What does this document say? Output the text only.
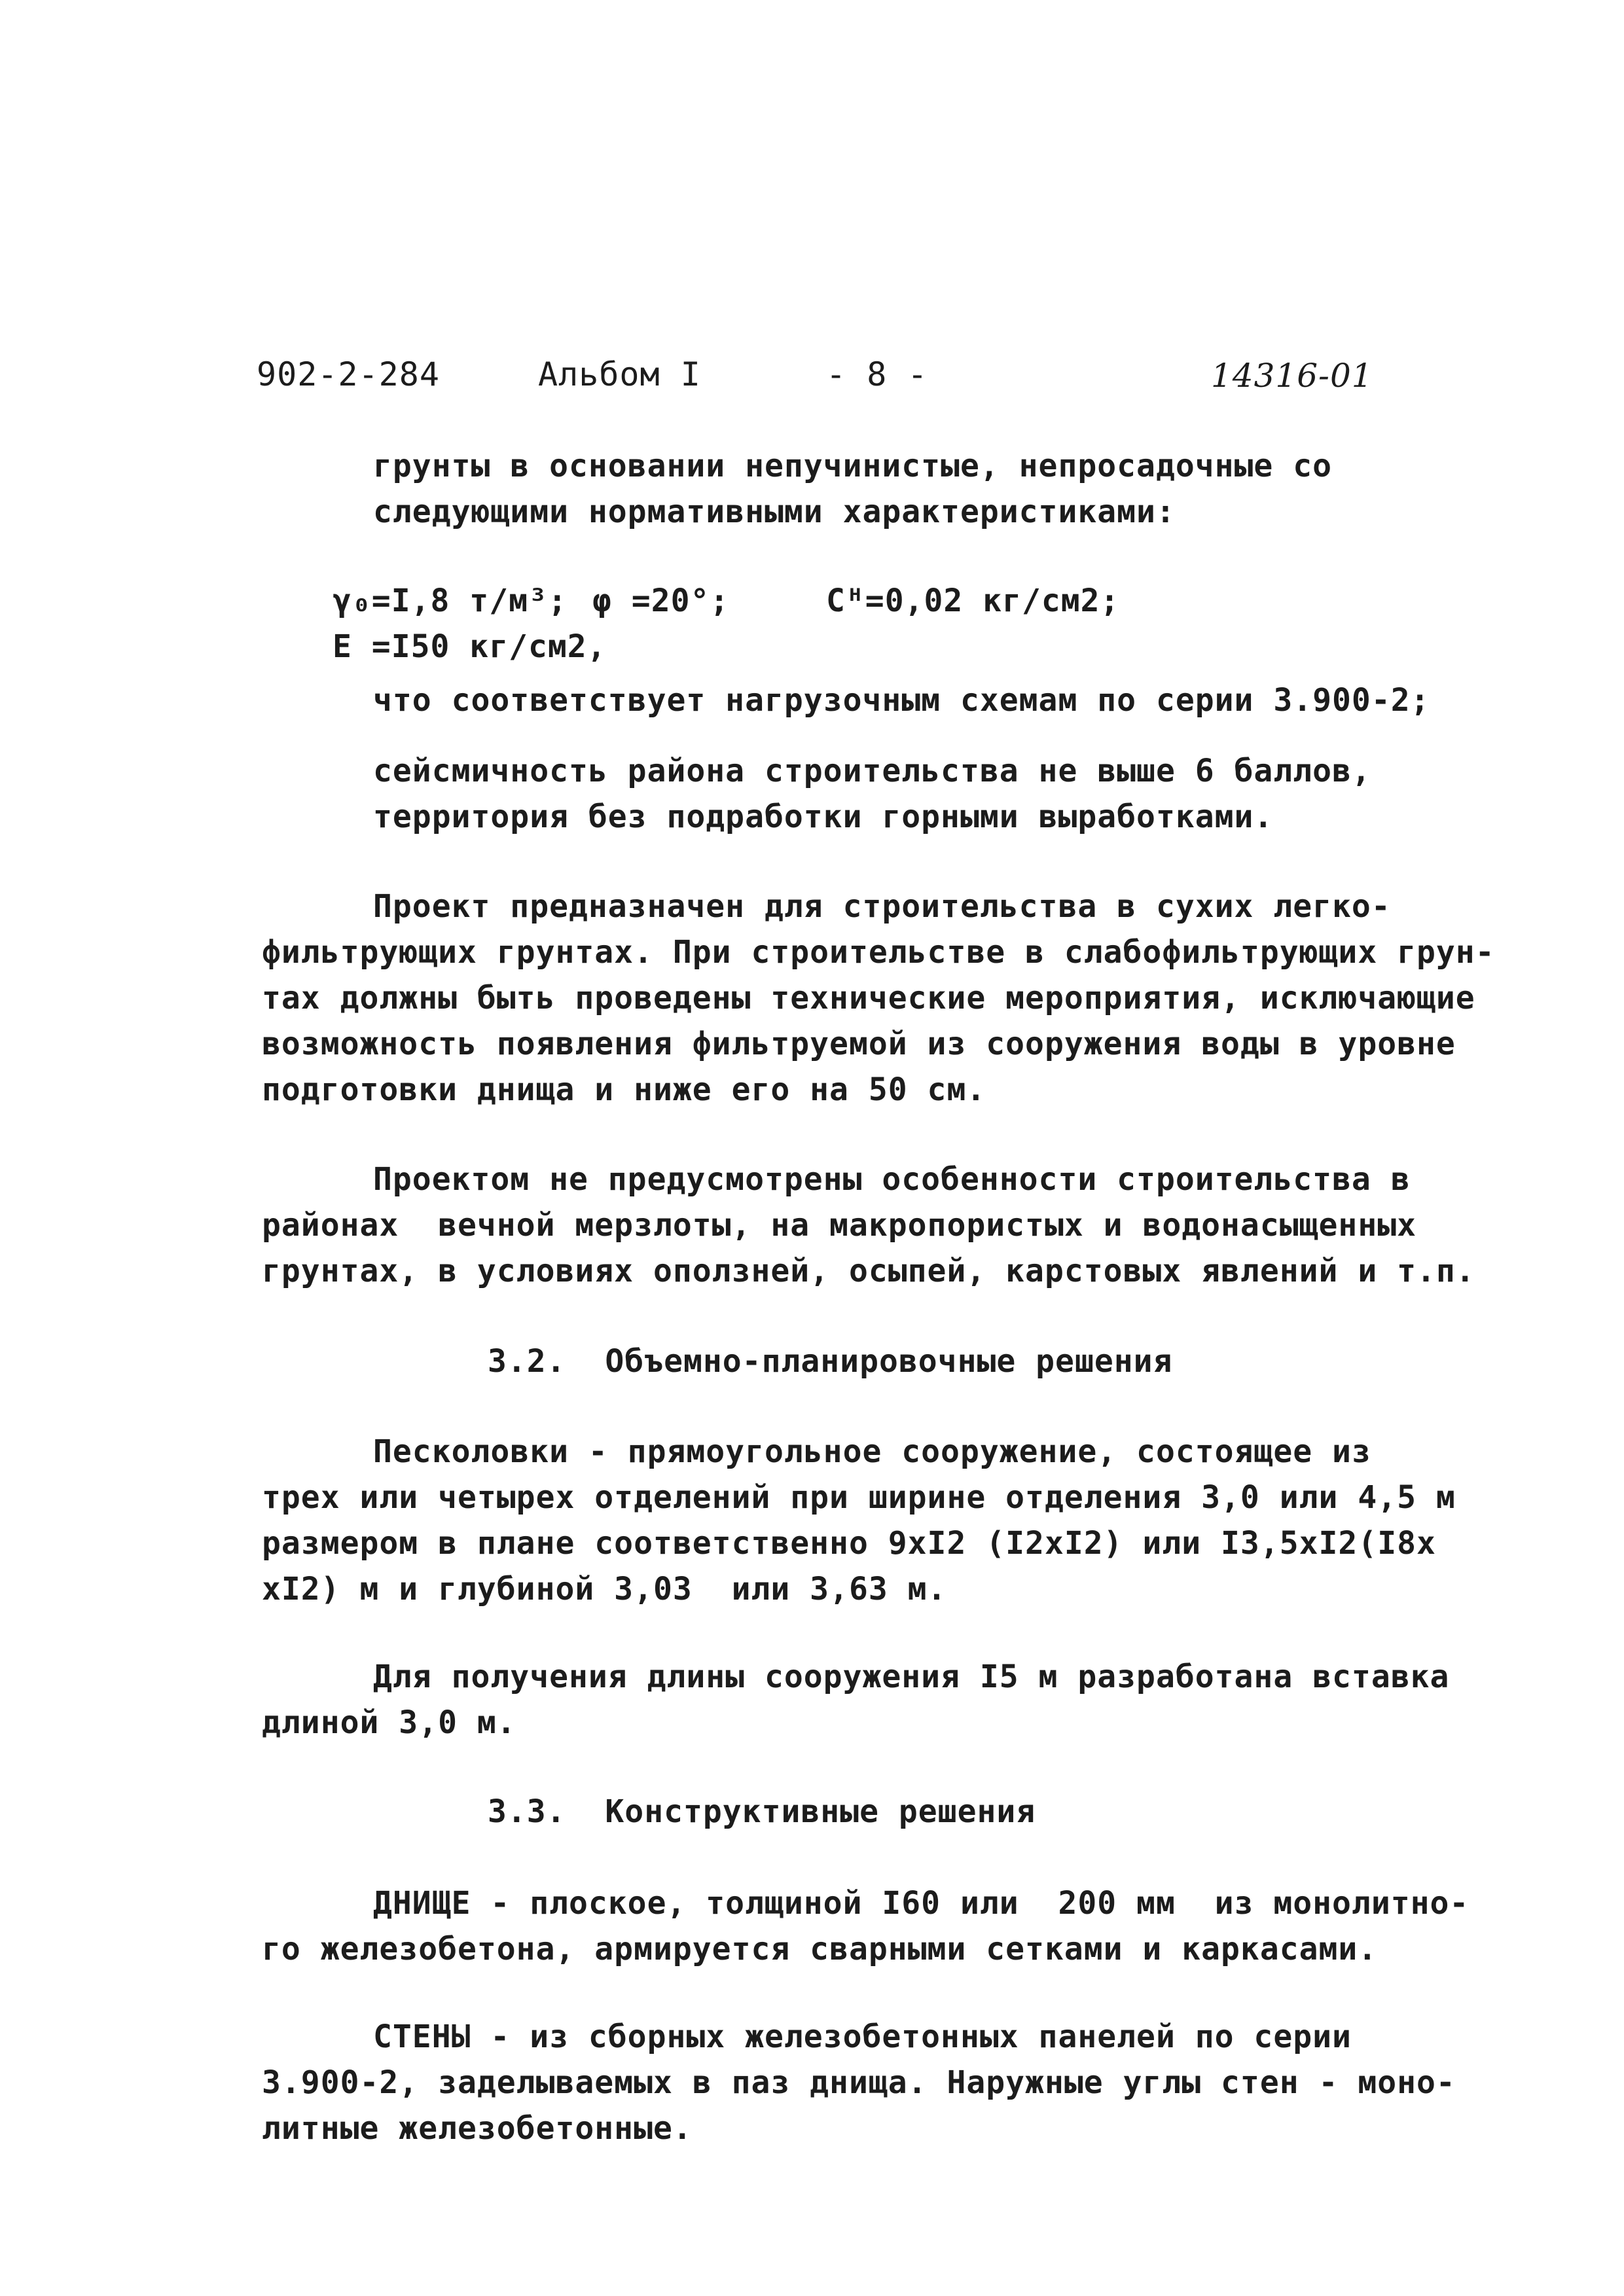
902-2-284	Альбом I	- 8 -	14316-01
грунты в основании непучинистые, непросадочные со
следующими нормативными характеристиками:
γ₀=I,8 т/м³; φ =20°;	Cᴴ=0,02 кг/см2;
E =I50 кг/см2,
что соответствует нагрузочным схемам по серии 3.900-2;
сейсмичность района строительства не выше 6 баллов,
территория без подработки горными выработками.
Проект предназначен для строительства в сухих легко-
фильтрующих грунтах. При строительстве в слабофильтрующих грун-
тах должны быть проведены технические мероприятия, исключающие
возможность появления фильтруемой из сооружения воды в уровне
подготовки днища и ниже его на 50 см.
Проектом не предусмотрены особенности строительства в
районах  вечной мерзлоты, на макропористых и водонасыщенных
грунтах, в условиях оползней, осыпей, карстовых явлений и т.п.
3.2.  Объемно-планировочные решения
Песколовки - прямоугольное сооружение, состоящее из
трех или четырех отделений при ширине отделения 3,0 или 4,5 м
размером в плане соответственно 9xI2 (I2xI2) или I3,5xI2(I8x
xI2) м и глубиной 3,03  или 3,63 м.
Для получения длины сооружения I5 м разработана вставка
длиной 3,0 м.
3.3.  Конструктивные решения
ДНИЩЕ - плоское, толщиной I60 или  200 мм  из монолитно-
го железобетона, армируется сварными сетками и каркасами.
СТЕНЫ - из сборных железобетонных панелей по серии
3.900-2, заделываемых в паз днища. Наружные углы стен - моно-
литные железобетонные.
